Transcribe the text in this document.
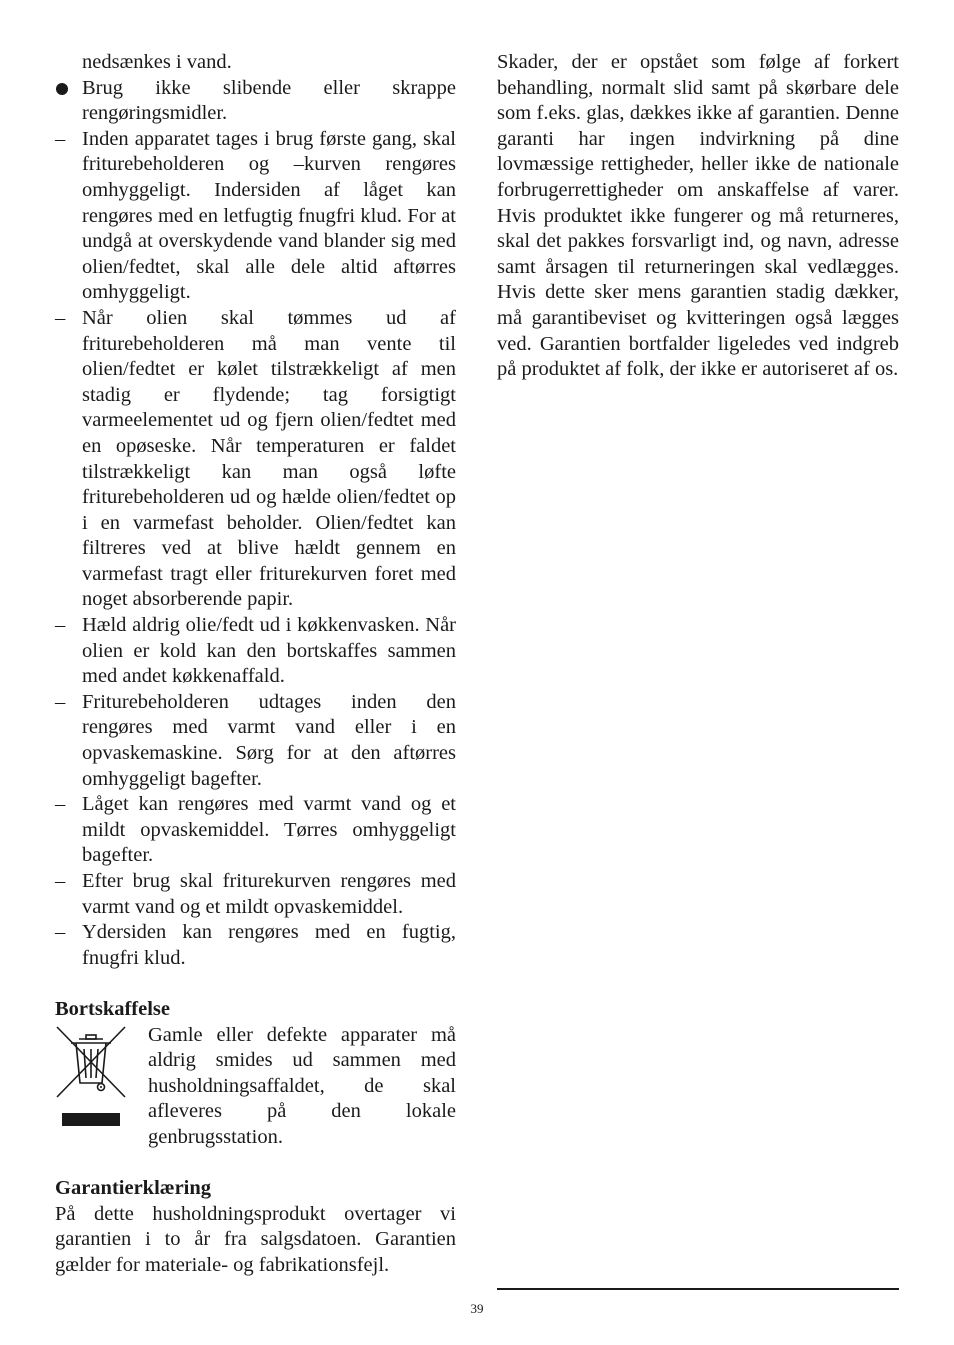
nedsænkes i vand.
Brug ikke slibende eller skrappe rengøringsmidler.
– Inden apparatet tages i brug første gang, skal friturebeholderen og –kurven rengøres omhyggeligt. Indersiden af låget kan rengøres med en letfugtig fnugfri klud. For at undgå at overskydende vand blander sig med olien/fedtet, skal alle dele altid aftørres omhyggeligt.
– Når olien skal tømmes ud af friturebeholderen må man vente til olien/fedtet er kølet tilstrækkeligt af men stadig er flydende; tag forsigtigt varmeelementet ud og fjern olien/fedtet med en opøseske. Når temperaturen er faldet tilstrækkeligt kan man også løfte friturebeholderen ud og hælde olien/fedtet op i en varmefast beholder. Olien/fedtet kan filtreres ved at blive hældt gennem en varmefast tragt eller friturekurven foret med noget absorberende papir.
– Hæld aldrig olie/fedt ud i køkkenvasken. Når olien er kold kan den bortskaffes sammen med andet køkkenaffald.
– Friturebeholderen udtages inden den rengøres med varmt vand eller i en opvaskemaskine. Sørg for at den aftørres omhyggeligt bagefter.
– Låget kan rengøres med varmt vand og et mildt opvaskemiddel. Tørres omhyggeligt bagefter.
– Efter brug skal friturekurven rengøres med varmt vand og et mildt opvaskemiddel.
– Ydersiden kan rengøres med en fugtig, fnugfri klud.
Bortskaffelse
Gamle eller defekte apparater må aldrig smides ud sammen med husholdningsaffaldet, de skal afleveres på den lokale genbrugsstation.
Garantierklæring
På dette husholdningsprodukt overtager vi garantien i to år fra salgsdatoen. Garantien gælder for materiale- og fabrikationsfejl.
Skader, der er opstået som følge af forkert behandling, normalt slid samt på skørbare dele som f.eks. glas, dækkes ikke af garantien. Denne garanti har ingen indvirkning på dine lovmæssige rettigheder, heller ikke de nationale forbrugerrettigheder om anskaffelse af varer. Hvis produktet ikke fungerer og må returneres, skal det pakkes forsvarligt ind, og navn, adresse samt årsagen til returneringen skal vedlægges. Hvis dette sker mens garantien stadig dækker, må garantibeviset og kvitteringen også lægges ved. Garantien bortfalder ligeledes ved indgreb på produktet af folk, der ikke er autoriseret af os.
39
